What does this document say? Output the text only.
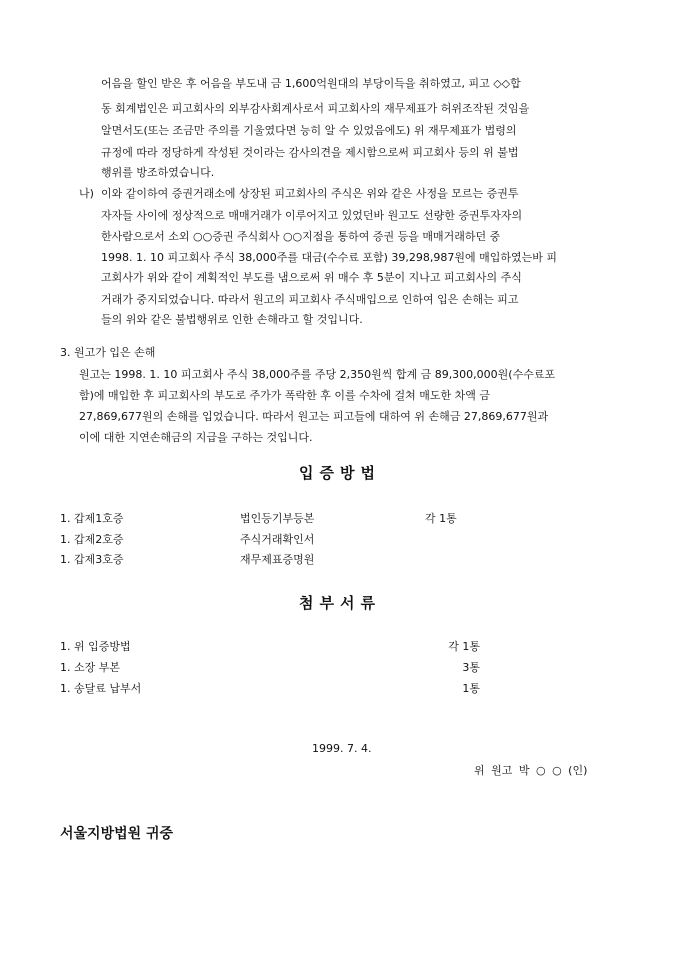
어음을 할인 받은 후 어음을 부도내 금 1,600억원대의 부당이득을 취하였고, 피고 ◇◇합
동 회계법인은 피고회사의 외부감사회계사로서 피고회사의 재무제표가 허위조작된 것임을
알면서도(또는 조금만 주의를 기울였다면 능히 알 수 있었음에도) 위 재무제표가 법령의
규정에 따라 정당하게 작성된 것이라는 감사의견을 제시함으로써 피고회사 등의 위 불법
행위를 방조하였습니다.
나) 이와 같이하여 증권거래소에 상장된 피고회사의 주식은 위와 같은 사정을 모르는 증권투
자자들 사이에 정상적으로 매매거래가 이루어지고 있었던바 원고도 선량한 증권투자자의
한사람으로서 소외 ○○증권 주식회사 ○○지점을 통하여 증권 등을 매매거래하던 중
1998. 1. 10 피고회사 주식 38,000주를 대금(수수료 포함) 39,298,987원에 매입하였는바 피
고회사가 위와 같이 계획적인 부도를 냄으로써 위 매수 후 5분이 지나고 피고회사의 주식
거래가 중지되었습니다. 따라서 원고의 피고회사 주식매입으로 인하여 입은 손해는 피고
들의 위와 같은 불법행위로 인한 손해라고 할 것입니다.
3. 원고가 입은 손해
원고는 1998. 1. 10 피고회사 주식 38,000주를 주당 2,350원씩 합계 금 89,300,000원(수수료포
함)에 매입한 후 피고회사의 부도로 주가가 폭락한 후 이를 수차에 걸쳐 매도한 차액 금
27,869,677원의 손해를 입었습니다. 따라서 원고는 피고들에 대하여 위 손해금 27,869,677원과
이에 대한 지연손해금의 지급을 구하는 것입니다.
입증방법
1. 갑제1호증	법인등기부등본	각 1통
1. 갑제2호증	주식거래확인서
1. 갑제3호증	재무제표증명원
첨부서류
1. 위 입증방법	각 1통
1. 소장 부본	3통
1. 송달료 납부서	1통
1999. 7. 4.
위 원고 박 ○ ○ (인)
서울지방법원 귀중
